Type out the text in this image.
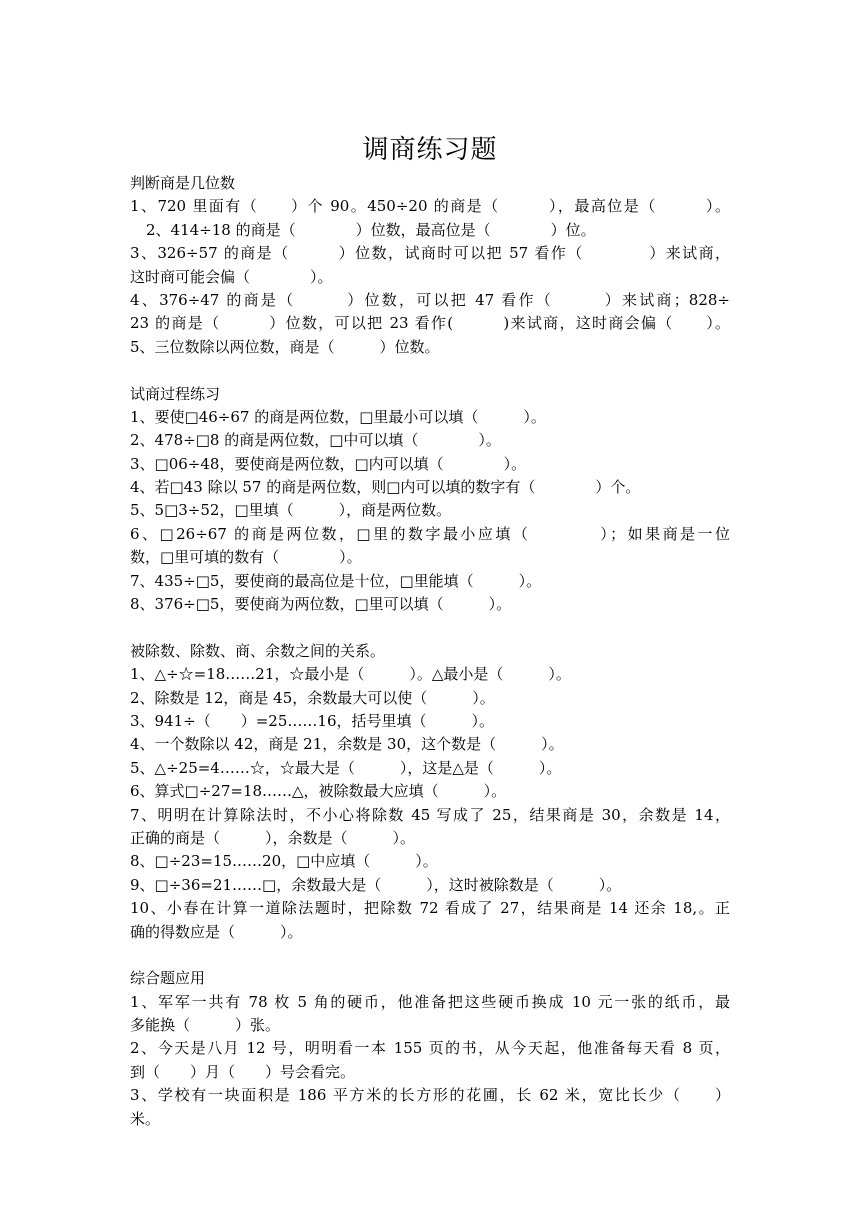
调商练习题
判断商是几位数
1、720 里面有（　　）个 90。450÷20 的商是（　　　），最高位是（　　　）。
2、414÷18 的商是（　　　　）位数，最高位是（　　　　）位。
3、326÷57 的商是（　　　）位数，试商时可以把 57 看作（　　　　）来试商，
这时商可能会偏（　　　　）。
4、376÷47 的商是（　　　）位数，可以把 47 看作（　　　）来试商；828÷
23 的商是（　　　）位数，可以把 23 看作(　　　)来试商，这时商会偏（　　）。
5、三位数除以两位数，商是（　　　）位数。
试商过程练习
1、要使□46÷67 的商是两位数，□里最小可以填（　　　）。
2、478÷□8 的商是两位数，□中可以填（　　　　）。
3、□06÷48，要使商是两位数，□内可以填（　　　　）。
4、若□43 除以 57 的商是两位数，则□内可以填的数字有（　　　　）个。
5、5□3÷52，□里填（　　　），商是两位数。
6、□26÷67 的商是两位数，□里的数字最小应填（　　　　）；如果商是一位
数，□里可填的数有（　　　　）。
7、435÷□5，要使商的最高位是十位，□里能填（　　　）。
8、376÷□5，要使商为两位数，□里可以填（　　　）。
被除数、除数、商、余数之间的关系。
1、△÷☆=18……21，☆最小是（　　　）。△最小是（　　　）。
2、除数是 12，商是 45，余数最大可以使（　　　）。
3、941÷（　　）=25……16，括号里填（　　　）。
4、一个数除以 42，商是 21，余数是 30，这个数是（　　　）。
5、△÷25=4……☆，☆最大是（　　　），这是△是（　　　）。
6、算式□÷27=18……△，被除数最大应填（　　　）。
7、明明在计算除法时，不小心将除数 45 写成了 25，结果商是 30，余数是 14，
正确的商是（　　　），余数是（　　　）。
8、□÷23=15……20，□中应填（　　　）。
9、□÷36=21……□，余数最大是（　　　），这时被除数是（　　　）。
10、小春在计算一道除法题时，把除数 72 看成了 27，结果商是 14 还余 18,。正
确的得数应是（　　　）。
综合题应用
1、军军一共有 78 枚 5 角的硬币，他准备把这些硬币换成 10 元一张的纸币，最
多能换（　　　）张。
2、今天是八月 12 号，明明看一本 155 页的书，从今天起，他准备每天看 8 页，
到（　　）月（　　）号会看完。
3、学校有一块面积是 186 平方米的长方形的花圃，长 62 米，宽比长少（　　）
米。
